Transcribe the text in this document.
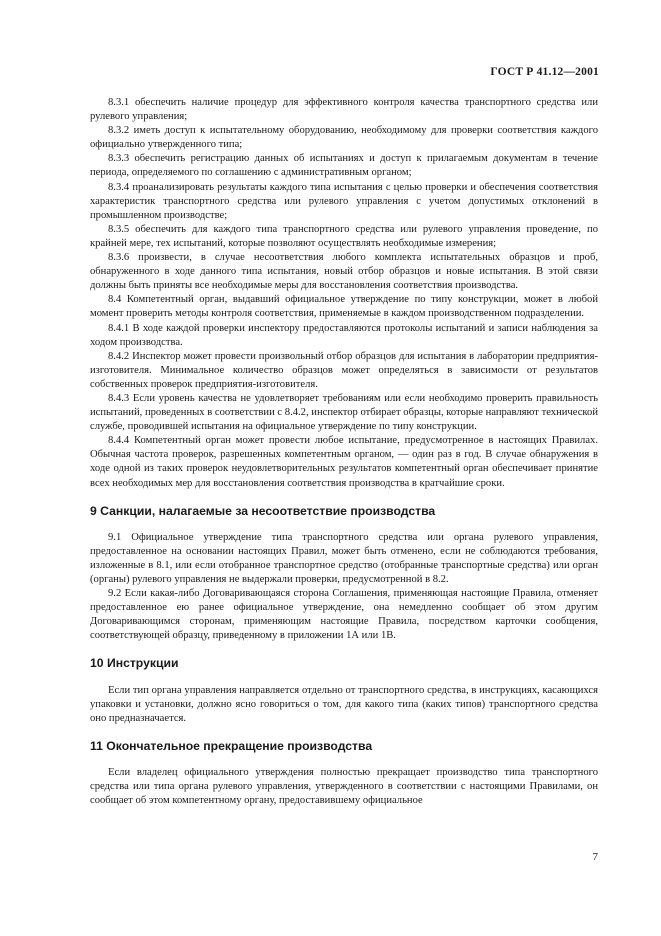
ГОСТ Р 41.12—2001

8.3.1 обеспечить наличие процедур для эффективного контроля качества транспортного средства или рулевого управления;

8.3.2 иметь доступ к испытательному оборудованию, необходимому для проверки соответствия каждого официально утвержденного типа;

8.3.3 обеспечить регистрацию данных об испытаниях и доступ к прилагаемым документам в течение периода, определяемого по соглашению с административным органом;

8.3.4 проанализировать результаты каждого типа испытания с целью проверки и обеспечения соответствия характеристик транспортного средства или рулевого управления с учетом допустимых отклонений в промышленном производстве;

8.3.5 обеспечить для каждого типа транспортного средства или рулевого управления проведение, по крайней мере, тех испытаний, которые позволяют осуществлять необходимые измерения;

8.3.6 произвести, в случае несоответствия любого комплекта испытательных образцов и проб, обнаруженного в ходе данного типа испытания, новый отбор образцов и новые испытания. В этой связи должны быть приняты все необходимые меры для восстановления соответствия производства.

8.4 Компетентный орган, выдавший официальное утверждение по типу конструкции, может в любой момент проверить методы контроля соответствия, применяемые в каждом производственном подразделении.

8.4.1 В ходе каждой проверки инспектору предоставляются протоколы испытаний и записи наблюдения за ходом производства.

8.4.2 Инспектор может провести произвольный отбор образцов для испытания в лаборатории предприятия-изготовителя. Минимальное количество образцов может определяться в зависимости от результатов собственных проверок предприятия-изготовителя.

8.4.3 Если уровень качества не удовлетворяет требованиям или если необходимо проверить правильность испытаний, проведенных в соответствии с 8.4.2, инспектор отбирает образцы, которые направляют технической службе, проводившей испытания на официальное утверждение по типу конструкции.

8.4.4 Компетентный орган может провести любое испытание, предусмотренное в настоящих Правилах. Обычная частота проверок, разрешенных компетентным органом, — один раз в год. В случае обнаружения в ходе одной из таких проверок неудовлетворительных результатов компетентный орган обеспечивает принятие всех необходимых мер для восстановления соответствия производства в кратчайшие сроки.

9 Санкции, налагаемые за несоответствие производства

9.1 Официальное утверждение типа транспортного средства или органа рулевого управления, предоставленное на основании настоящих Правил, может быть отменено, если не соблюдаются требования, изложенные в 8.1, или если отобранное транспортное средство (отобранные транспортные средства) или орган (органы) рулевого управления не выдержали проверки, предусмотренной в 8.2.

9.2 Если какая-либо Договаривающаяся сторона Соглашения, применяющая настоящие Правила, отменяет предоставленное ею ранее официальное утверждение, она немедленно сообщает об этом другим Договаривающимся сторонам, применяющим настоящие Правила, посредством карточки сообщения, соответствующей образцу, приведенному в приложении 1А или 1В.

10 Инструкции

Если тип органа управления направляется отдельно от транспортного средства, в инструкциях, касающихся упаковки и установки, должно ясно говориться о том, для какого типа (каких типов) транспортного средства оно предназначается.

11 Окончательное прекращение производства

Если владелец официального утверждения полностью прекращает производство типа транспортного средства или типа органа рулевого управления, утвержденного в соответствии с настоящими Правилами, он сообщает об этом компетентному органу, предоставившему официальное

7
